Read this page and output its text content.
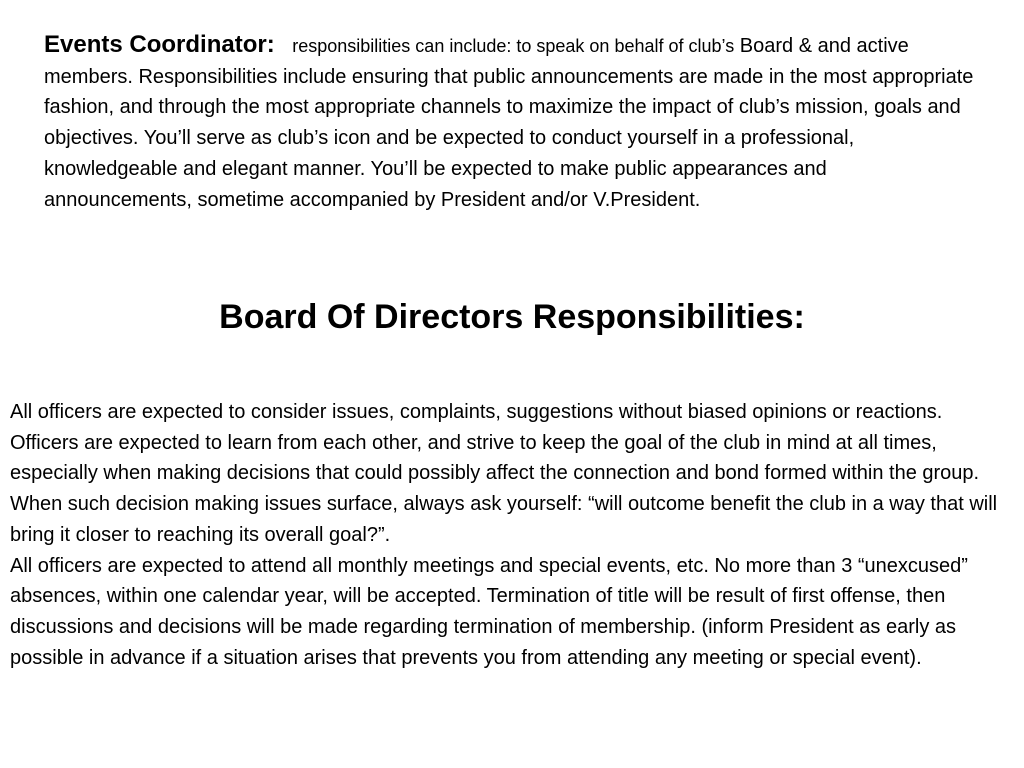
Events Coordinator: responsibilities can include: to speak on behalf of club’s Board & and active members. Responsibilities include ensuring that public announcements are made in the most appropriate fashion, and through the most appropriate channels to maximize the impact of club’s mission, goals and objectives. You’ll serve as club’s icon and be expected to conduct yourself in a professional, knowledgeable and elegant manner. You’ll be expected to make public appearances and announcements, sometime accompanied by President and/or V.President.
Board Of Directors Responsibilities:

All officers are expected to consider issues, complaints, suggestions without biased opinions or reactions. Officers are expected to learn from each other, and strive to keep the goal of the club in mind at all times, especially when making decisions that could possibly affect the connection and bond formed within the group. When such decision making issues surface, always ask yourself: “will outcome benefit the club in a way that will bring it closer to reaching its overall goal?”.

All officers are expected to attend all monthly meetings and special events, etc. No more than 3 “unexcused” absences, within one calendar year, will be accepted. Termination of title will be result of first offense, then discussions and decisions will be made regarding termination of membership. (inform President as early as possible in advance if a situation arises that prevents you from attending any meeting or special event).
